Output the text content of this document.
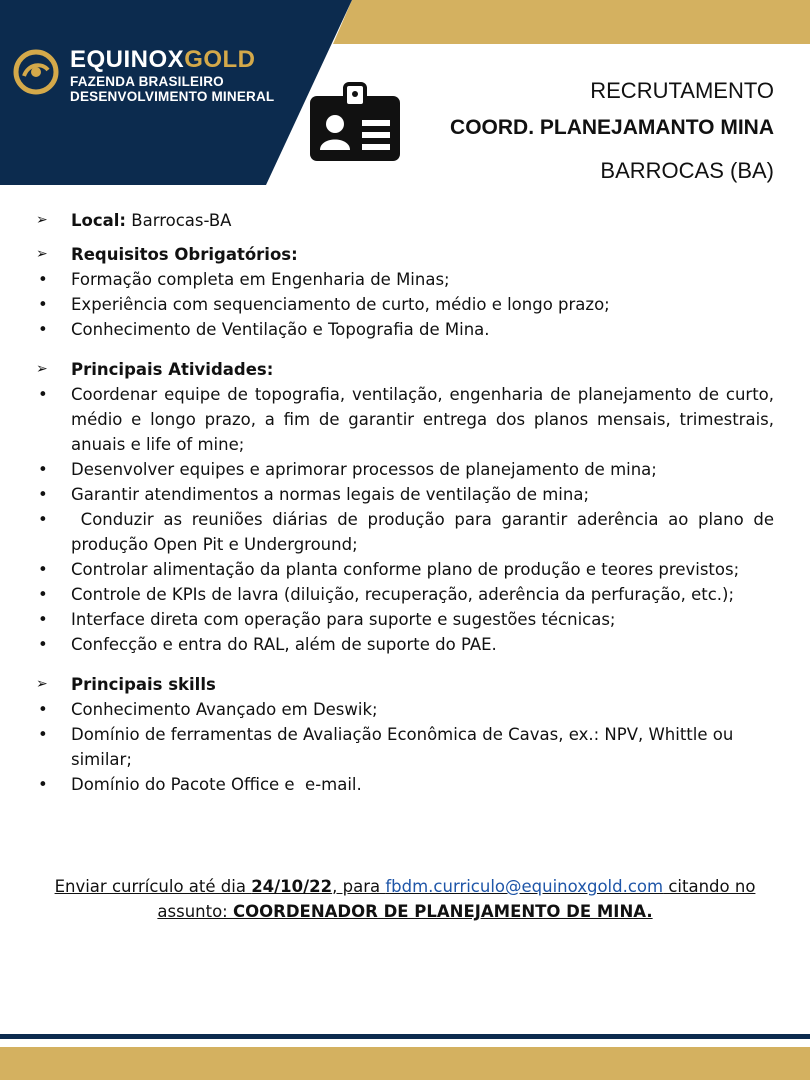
EQUINOXGOLD
FAZENDA BRASILEIRO
DESENVOLVIMENTO MINERAL	RECRUTAMENTO
COORD. PLANEJAMANTO MINA
BARROCAS (BA)
➢ Local: Barrocas-BA
➢ Requisitos Obrigatórios:
• Formação completa em Engenharia de Minas;
• Experiência com sequenciamento de curto, médio e longo prazo;
• Conhecimento de Ventilação e Topografia de Mina.
➢ Principais Atividades:
• Coordenar equipe de topografia, ventilação, engenharia de planejamento de curto, médio e longo prazo, a fim de garantir entrega dos planos mensais, trimestrais, anuais e life of mine;
• Desenvolver equipes e aprimorar processos de planejamento de mina;
• Garantir atendimentos a normas legais de ventilação de mina;
• Conduzir as reuniões diárias de produção para garantir aderência ao plano de produção Open Pit e Underground;
• Controlar alimentação da planta conforme plano de produção e teores previstos;
• Controle de KPIs de lavra (diluição, recuperação, aderência da perfuração, etc.);
• Interface direta com operação para suporte e sugestões técnicas;
• Confecção e entra do RAL, além de suporte do PAE.
➢ Principais skills
• Conhecimento Avançado em Deswik;
• Domínio de ferramentas de Avaliação Econômica de Cavas, ex.: NPV, Whittle ou similar;
• Domínio do Pacote Office e  e-mail.
Enviar currículo até dia 24/10/22, para fbdm.curriculo@equinoxgold.com citando no assunto: COORDENADOR DE PLANEJAMENTO DE MINA.
